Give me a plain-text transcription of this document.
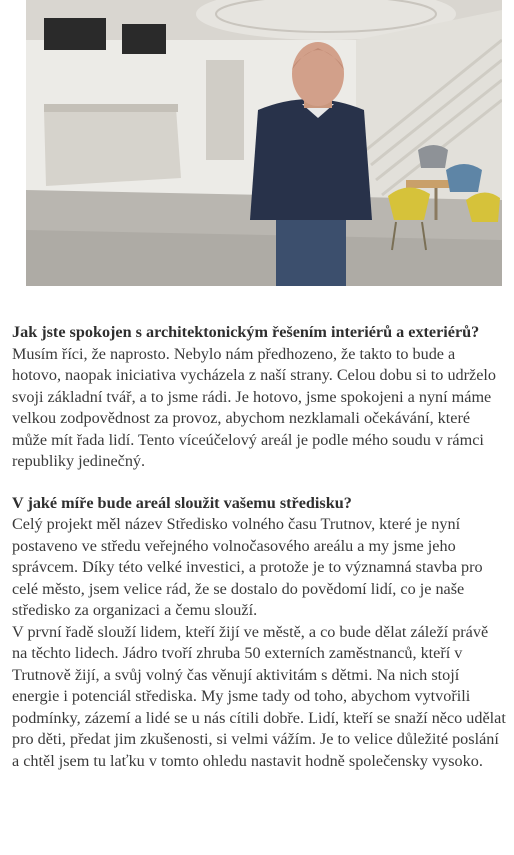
Jak jste spokojen s architektonickým řešením interiérů a exteriérů?

Musím říci, že naprosto. Nebylo nám předhozeno, že takto to bude a hotovo, naopak iniciativa vycházela z naší strany. Celou dobu si to udrželo svoji základní tvář, a to jsme rádi. Je hotovo, jsme spokojeni a nyní máme velkou zodpovědnost za provoz, abychom nezklamali očekávání, které může mít řada lidí. Tento víceúčelový areál je podle mého soudu v rámci republiky jedinečný.

V jaké míře bude areál sloužit vašemu středisku?

Celý projekt měl název Středisko volného času Trutnov, které je nyní postaveno ve středu veřejného volnočasového areálu a my jsme jeho správcem. Díky této velké investici, a protože je to významná stavba pro celé město, jsem velice rád, že se dostalo do povědomí lidí, co je naše středisko za organizaci a čemu slouží.

V první řadě slouží lidem, kteří žijí ve městě, a co bude dělat záleží právě na těchto lidech. Jádro tvoří zhruba 50 externích zaměstnanců, kteří v Trutnově žijí, a svůj volný čas věnují aktivitám s dětmi. Na nich stojí energie i potenciál střediska. My jsme tady od toho, abychom vytvořili podmínky, zázemí a lidé se u nás cítili dobře. Lidí, kteří se snaží něco udělat pro děti, předat jim zkušenosti, si velmi vážím. Je to velice důležité poslání a chtěl jsem tu laťku v tomto ohledu nastavit hodně společensky vysoko.
